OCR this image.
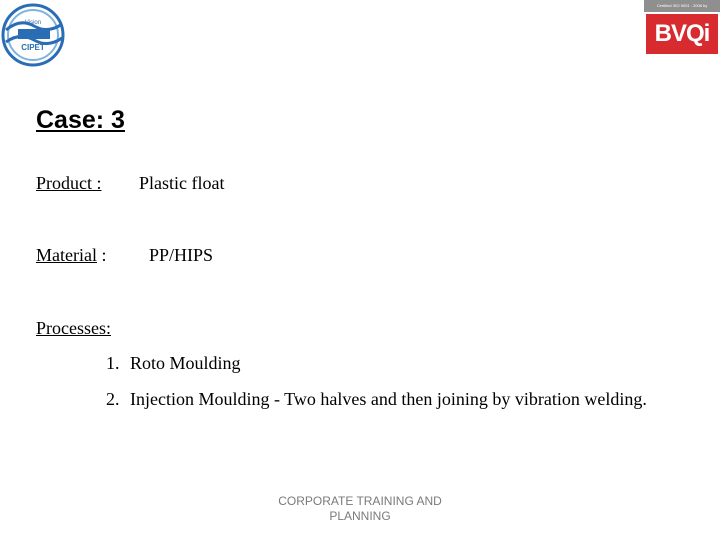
Vision
CIPET
Certified ISO 9001 : 2008 by
BVQi
Case: 3
Product : Plastic float
Material : PP/HIPS
Processes:
1. Roto Moulding
2. Injection Moulding - Two halves and then joining by vibration welding.
CORPORATE TRAINING AND
PLANNING
